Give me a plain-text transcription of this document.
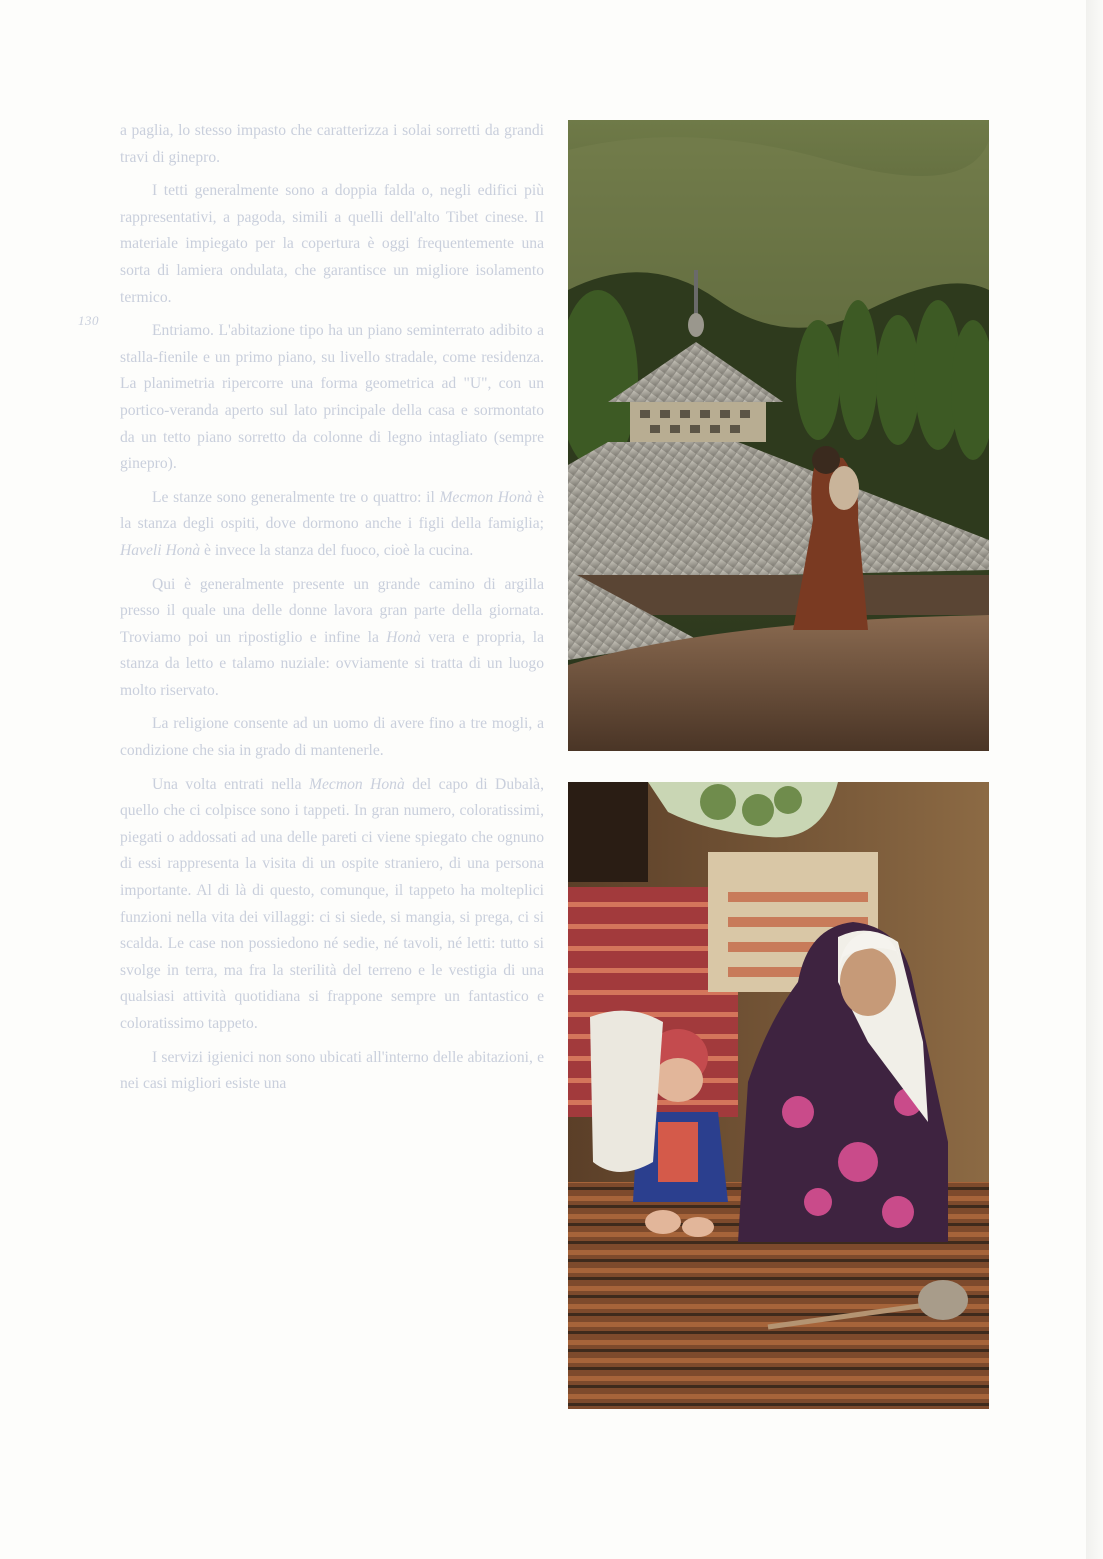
130

a paglia, lo stesso impasto che caratterizza i solai sorretti da grandi travi di ginepro.

I tetti generalmente sono a doppia falda o, negli edifici più rappresentativi, a pagoda, simili a quelli dell'alto Tibet cinese. Il materiale impiegato per la copertura è oggi frequentemente una sorta di lamiera ondulata, che garantisce un migliore isolamento termico.

Entriamo. L'abitazione tipo ha un piano seminterrato adibito a stalla-fienile e un primo piano, su livello stradale, come residenza. La planimetria ripercorre una forma geometrica ad "U", con un portico-veranda aperto sul lato principale della casa e sormontato da un tetto piano sorretto da colonne di legno intagliato (sempre ginepro).

Le stanze sono generalmente tre o quattro: il Mecmon Honà è la stanza degli ospiti, dove dormono anche i figli della famiglia; Haveli Honà è invece la stanza del fuoco, cioè la cucina.

Qui è generalmente presente un grande camino di argilla presso il quale una delle donne lavora gran parte della giornata. Troviamo poi un ripostiglio e infine la Honà vera e propria, la stanza da letto e talamo nuziale: ovviamente si tratta di un luogo molto riservato.

La religione consente ad un uomo di avere fino a tre mogli, a condizione che sia in grado di mantenerle.

Una volta entrati nella Mecmon Honà del capo di Dubalà, quello che ci colpisce sono i tappeti. In gran numero, coloratissimi, piegati o addossati ad una delle pareti ci viene spiegato che ognuno di essi rappresenta la visita di un ospite straniero, di una persona importante. Al di là di questo, comunque, il tappeto ha molteplici funzioni nella vita dei villaggi: ci si siede, si mangia, si prega, ci si scalda. Le case non possiedono né sedie, né tavoli, né letti: tutto si svolge in terra, ma fra la sterilità del terreno e le vestigia di una qualsiasi attività quotidiana si frappone sempre un fantastico e coloratissimo tappeto.

I servizi igienici non sono ubicati all'interno delle abitazioni, e nei casi migliori esiste una
